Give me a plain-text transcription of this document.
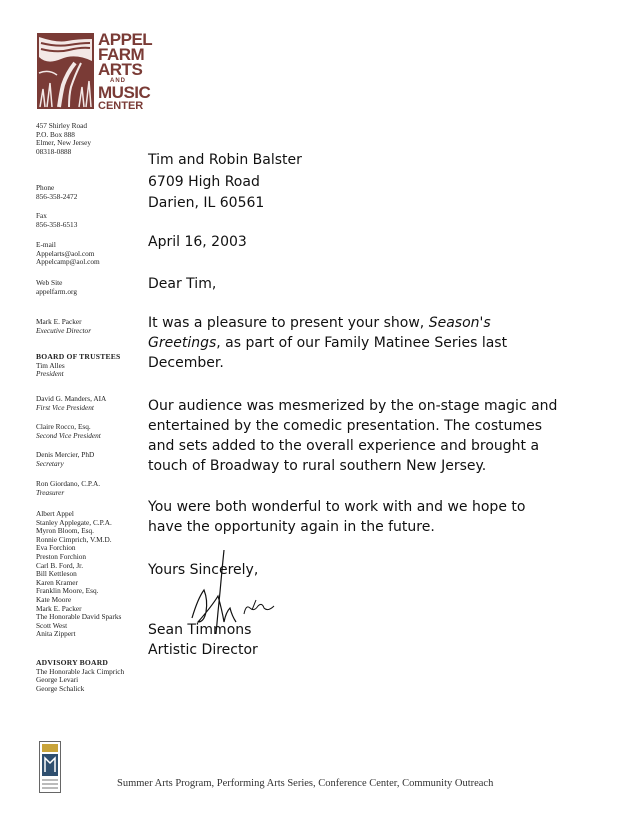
APPEL
FARM
ARTS
AND
MUSIC
CENTER
457 Shirley Road
P.O. Box 888
Elmer, New Jersey
08318-0888
Phone
856-358-2472
Fax
856-358-6513
E-mail
Appelarts@aol.com
Appelcamp@aol.com
Web Site
appelfarm.org
Mark E. Packer
Executive Director
BOARD OF TRUSTEES
Tim Alles
President
David G. Manders, AIA
First Vice President
Claire Rocco, Esq.
Second Vice President
Denis Mercier, PhD
Secretary
Ron Giordano, C.P.A.
Treasurer
Albert Appel
Stanley Applegate, C.P.A.
Myron Bloom, Esq.
Ronnie Cimprich, V.M.D.
Eva Forchion
Preston Forchion
Carl B. Ford, Jr.
Bill Kettleson
Karen Kramer
Franklin Moore, Esq.
Kate Moore
Mark E. Packer
The Honorable David Sparks
Scott West
Anita Zippert
ADVISORY BOARD
The Honorable Jack Cimprich
George Levari
George Schalick
Tim and Robin Balster
6709 High Road
Darien, IL 60561
April 16, 2003
Dear Tim,
It was a pleasure to present your show, Season's
Greetings, as part of our Family Matinee Series last
December.
Our audience was mesmerized by the on-stage magic and
entertained by the comedic presentation. The costumes
and sets added to the overall experience and brought a
touch of Broadway to rural southern New Jersey.
You were both wonderful to work with and we hope to
have the opportunity again in the future.
Yours Sincerely,
Sean Timmons
Artistic Director
Summer Arts Program, Performing Arts Series, Conference Center, Community Outreach
